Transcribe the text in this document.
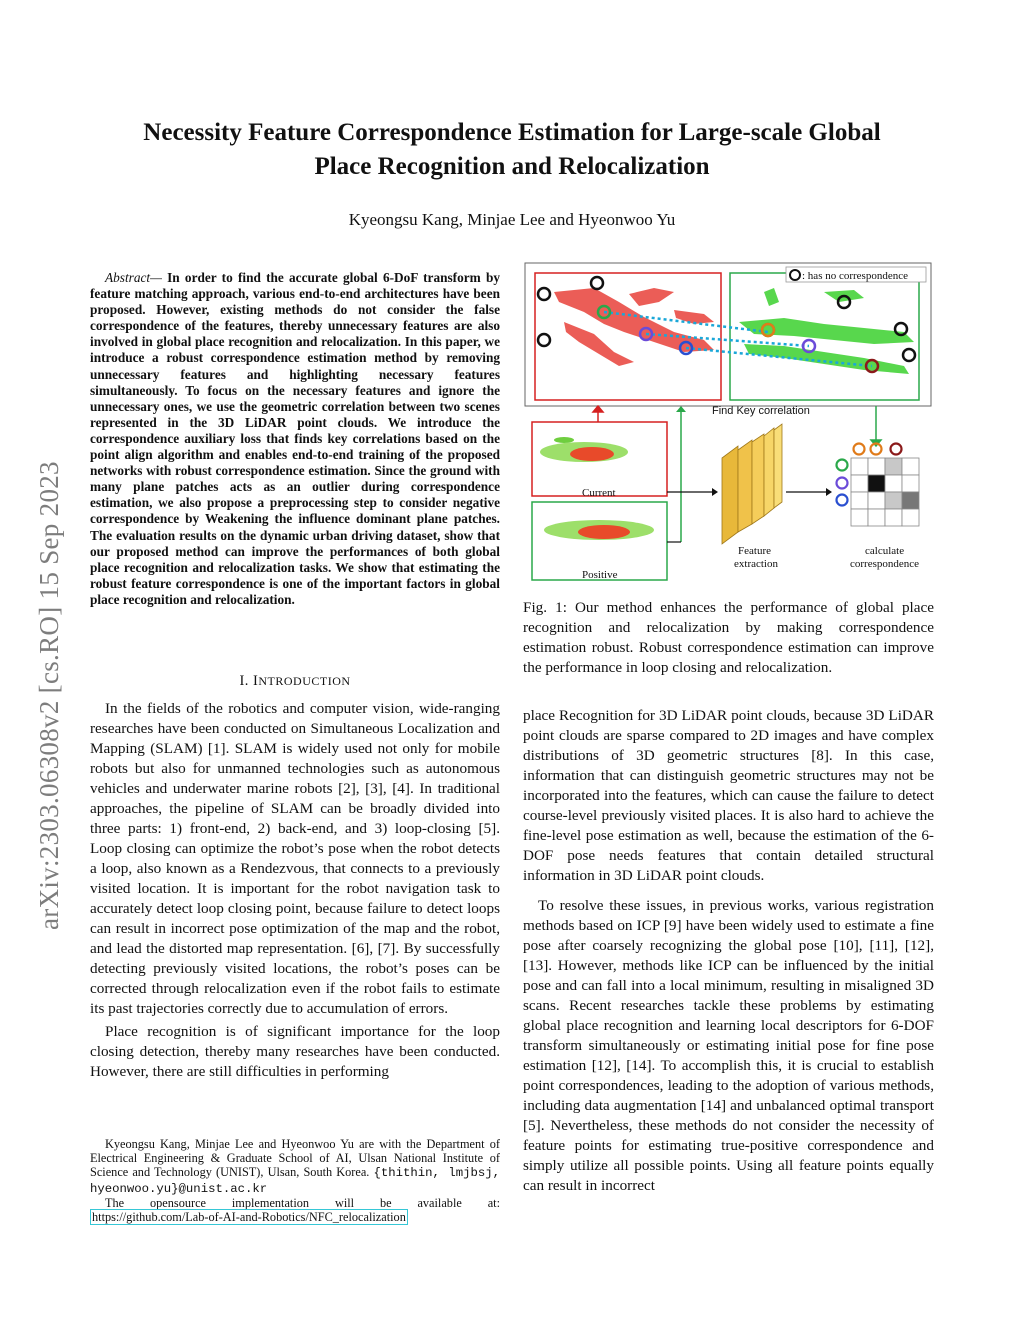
arXiv:2303.06308v2 [cs.RO] 15 Sep 2023
Necessity Feature Correspondence Estimation for Large-scale Global
Place Recognition and Relocalization
Kyeongsu Kang, Minjae Lee and Hyeonwoo Yu

Abstract— In order to find the accurate global 6-DoF transform by feature matching approach, various end-to-end architectures have been proposed. However, existing methods do not consider the false correspondence of the features, thereby unnecessary features are also involved in global place recognition and relocalization. In this paper, we introduce a robust correspondence estimation method by removing unnecessary features and highlighting necessary features simultaneously. To focus on the necessary features and ignore the unnecessary ones, we use the geometric correlation between two scenes represented in the 3D LiDAR point clouds. We introduce the correspondence auxiliary loss that finds key correlations based on the point align algorithm and enables end-to-end training of the proposed networks with robust correspondence estimation. Since the ground with many plane patches acts as an outlier during correspondence estimation, we also propose a preprocessing step to consider negative correspondence by Weakening the influence dominant plane patches. The evaluation results on the dynamic urban driving dataset, show that our proposed method can improve the performances of both global place recognition and relocalization tasks. We show that estimating the robust feature correspondence is one of the important factors in global place recognition and relocalization.

I. INTRODUCTION

In the fields of the robotics and computer vision, wide-ranging researches have been conducted on Simultaneous Localization and Mapping (SLAM) [1]. SLAM is widely used not only for mobile robots but also for unmanned technologies such as autonomous vehicles and underwater marine robots [2], [3], [4]. In traditional approaches, the pipeline of SLAM can be broadly divided into three parts: 1) front-end, 2) back-end, and 3) loop-closing [5]. Loop closing can optimize the robot’s pose when the robot detects a loop, also known as a Rendezvous, that connects to a previously visited location. It is important for the robot navigation task to accurately detect loop closing point, because failure to detect loops can result in incorrect pose optimization of the map and the robot, and lead the distorted map representation. [6], [7]. By successfully detecting previously visited locations, the robot’s poses can be corrected through relocalization even if the robot fails to estimate its past trajectories correctly due to accumulation of errors.

Place recognition is of significant importance for the loop closing detection, thereby many researches have been conducted. However, there are still difficulties in performing

Kyeongsu Kang, Minjae Lee and Hyeonwoo Yu are with the Department of Electrical Engineering & Graduate School of AI, Ulsan National Institute of Science and Technology (UNIST), Ulsan, South Korea. {thithin, lmjbsj, hyeonwoo.yu}@unist.ac.kr

The opensource implementation will be available at:

https://github.com/Lab-of-AI-and-Robotics/NFC_relocalization

: has no correspondence
Find Key correlation
Current
Positive
Feature
extraction
calculate
correspondence
Fig. 1: Our method enhances the performance of global place recognition and relocalization by making correspondence estimation robust. Robust correspondence estimation can improve the performance in loop closing and relocalization.

place Recognition for 3D LiDAR point clouds, because 3D LiDAR point clouds are sparse compared to 2D images and have complex distributions of 3D geometric structures [8]. In this case, information that can distinguish geometric structures may not be incorporated into the features, which can cause the failure to detect course-level previously visited places. It is also hard to achieve the fine-level pose estimation as well, because the estimation of the 6-DOF pose needs features that contain detailed structural information in 3D LiDAR point clouds.

To resolve these issues, in previous works, various registration methods based on ICP [9] have been widely used to estimate a fine pose after coarsely recognizing the global pose [10], [11], [12], [13]. However, methods like ICP can be influenced by the initial pose and can fall into a local minimum, resulting in misaligned 3D scans. Recent researches tackle these problems by estimating global place recognition and learning local descriptors for 6-DOF transform simultaneously or estimating initial pose for fine pose estimation [12], [14]. To accomplish this, it is crucial to establish point correspondences, leading to the adoption of various methods, including data augmentation [14] and unbalanced optimal transport [5]. Nevertheless, these methods do not consider the necessity of feature points for estimating true-positive correspondence and simply utilize all possible points. Using all feature points equally can result in incorrect
